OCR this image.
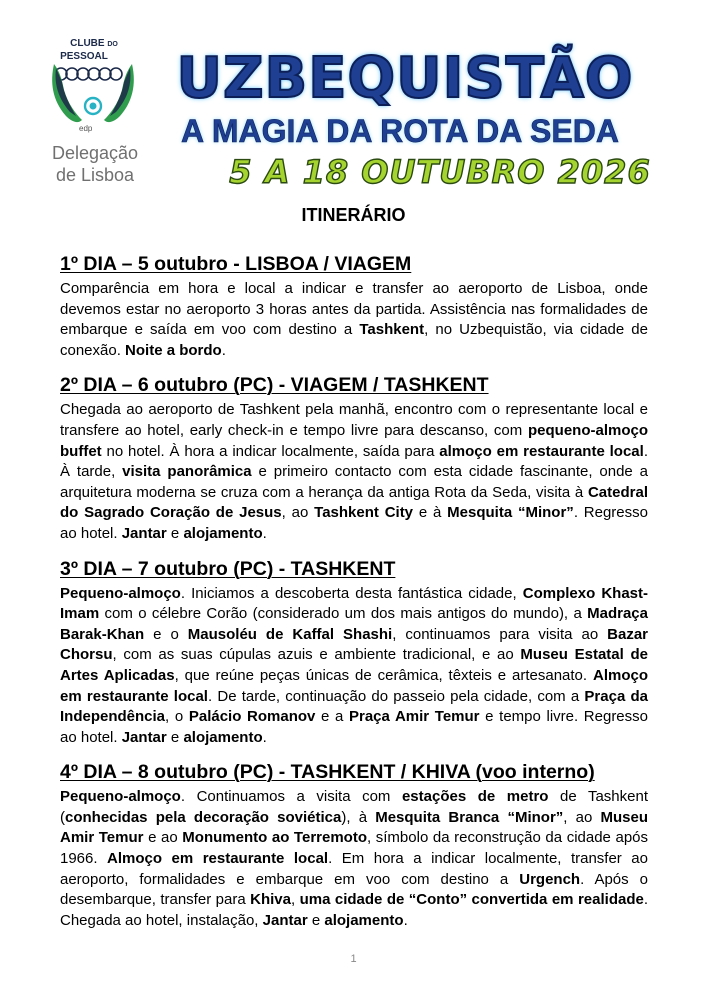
CLUBE DO
PESSOAL
edp
Delegação
de Lisboa
UZBEQUISTÃO
A MAGIA DA ROTA DA SEDA
5 A 18 OUTUBRO 2026
ITINERÁRIO
1º DIA – 5 outubro - LISBOA / VIAGEM

Comparência em hora e local a indicar e transfer ao aeroporto de Lisboa, onde devemos estar no aeroporto 3 horas antes da partida. Assistência nas formalidades de embarque e saída em voo com destino a Tashkent, no Uzbequistão, via cidade de conexão. Noite a bordo.

2º DIA – 6 outubro (PC) - VIAGEM / TASHKENT

Chegada ao aeroporto de Tashkent pela manhã, encontro com o representante local e transfere ao hotel, early check-in e tempo livre para descanso, com pequeno-almoço buffet no hotel. À hora a indicar localmente, saída para almoço em restaurante local. À tarde, visita panorâmica e primeiro contacto com esta cidade fascinante, onde a arquitetura moderna se cruza com a herança da antiga Rota da Seda, visita à Catedral do Sagrado Coração de Jesus, ao Tashkent City e à Mesquita “Minor”. Regresso ao hotel. Jantar e alojamento.

3º DIA – 7 outubro (PC) - TASHKENT

Pequeno-almoço. Iniciamos a descoberta desta fantástica cidade, Complexo Khast-Imam com o célebre Corão (considerado um dos mais antigos do mundo), a Madraça Barak-Khan e o Mausoléu de Kaffal Shashi, continuamos para visita ao Bazar Chorsu, com as suas cúpulas azuis e ambiente tradicional, e ao Museu Estatal de Artes Aplicadas, que reúne peças únicas de cerâmica, têxteis e artesanato. Almoço em restaurante local. De tarde, continuação do passeio pela cidade, com a Praça da Independência, o Palácio Romanov e a Praça Amir Temur e tempo livre. Regresso ao hotel. Jantar e alojamento.

4º DIA – 8 outubro (PC) - TASHKENT / KHIVA (voo interno)

Pequeno-almoço. Continuamos a visita com estações de metro de Tashkent (conhecidas pela decoração soviética), à Mesquita Branca “Minor”, ao Museu Amir Temur e ao Monumento ao Terremoto, símbolo da reconstrução da cidade após 1966. Almoço em restaurante local. Em hora a indicar localmente, transfer ao aeroporto, formalidades e embarque em voo com destino a Urgench. Após o desembarque, transfer para Khiva, uma cidade de “Conto” convertida em realidade. Chegada ao hotel, instalação, Jantar e alojamento.

1
